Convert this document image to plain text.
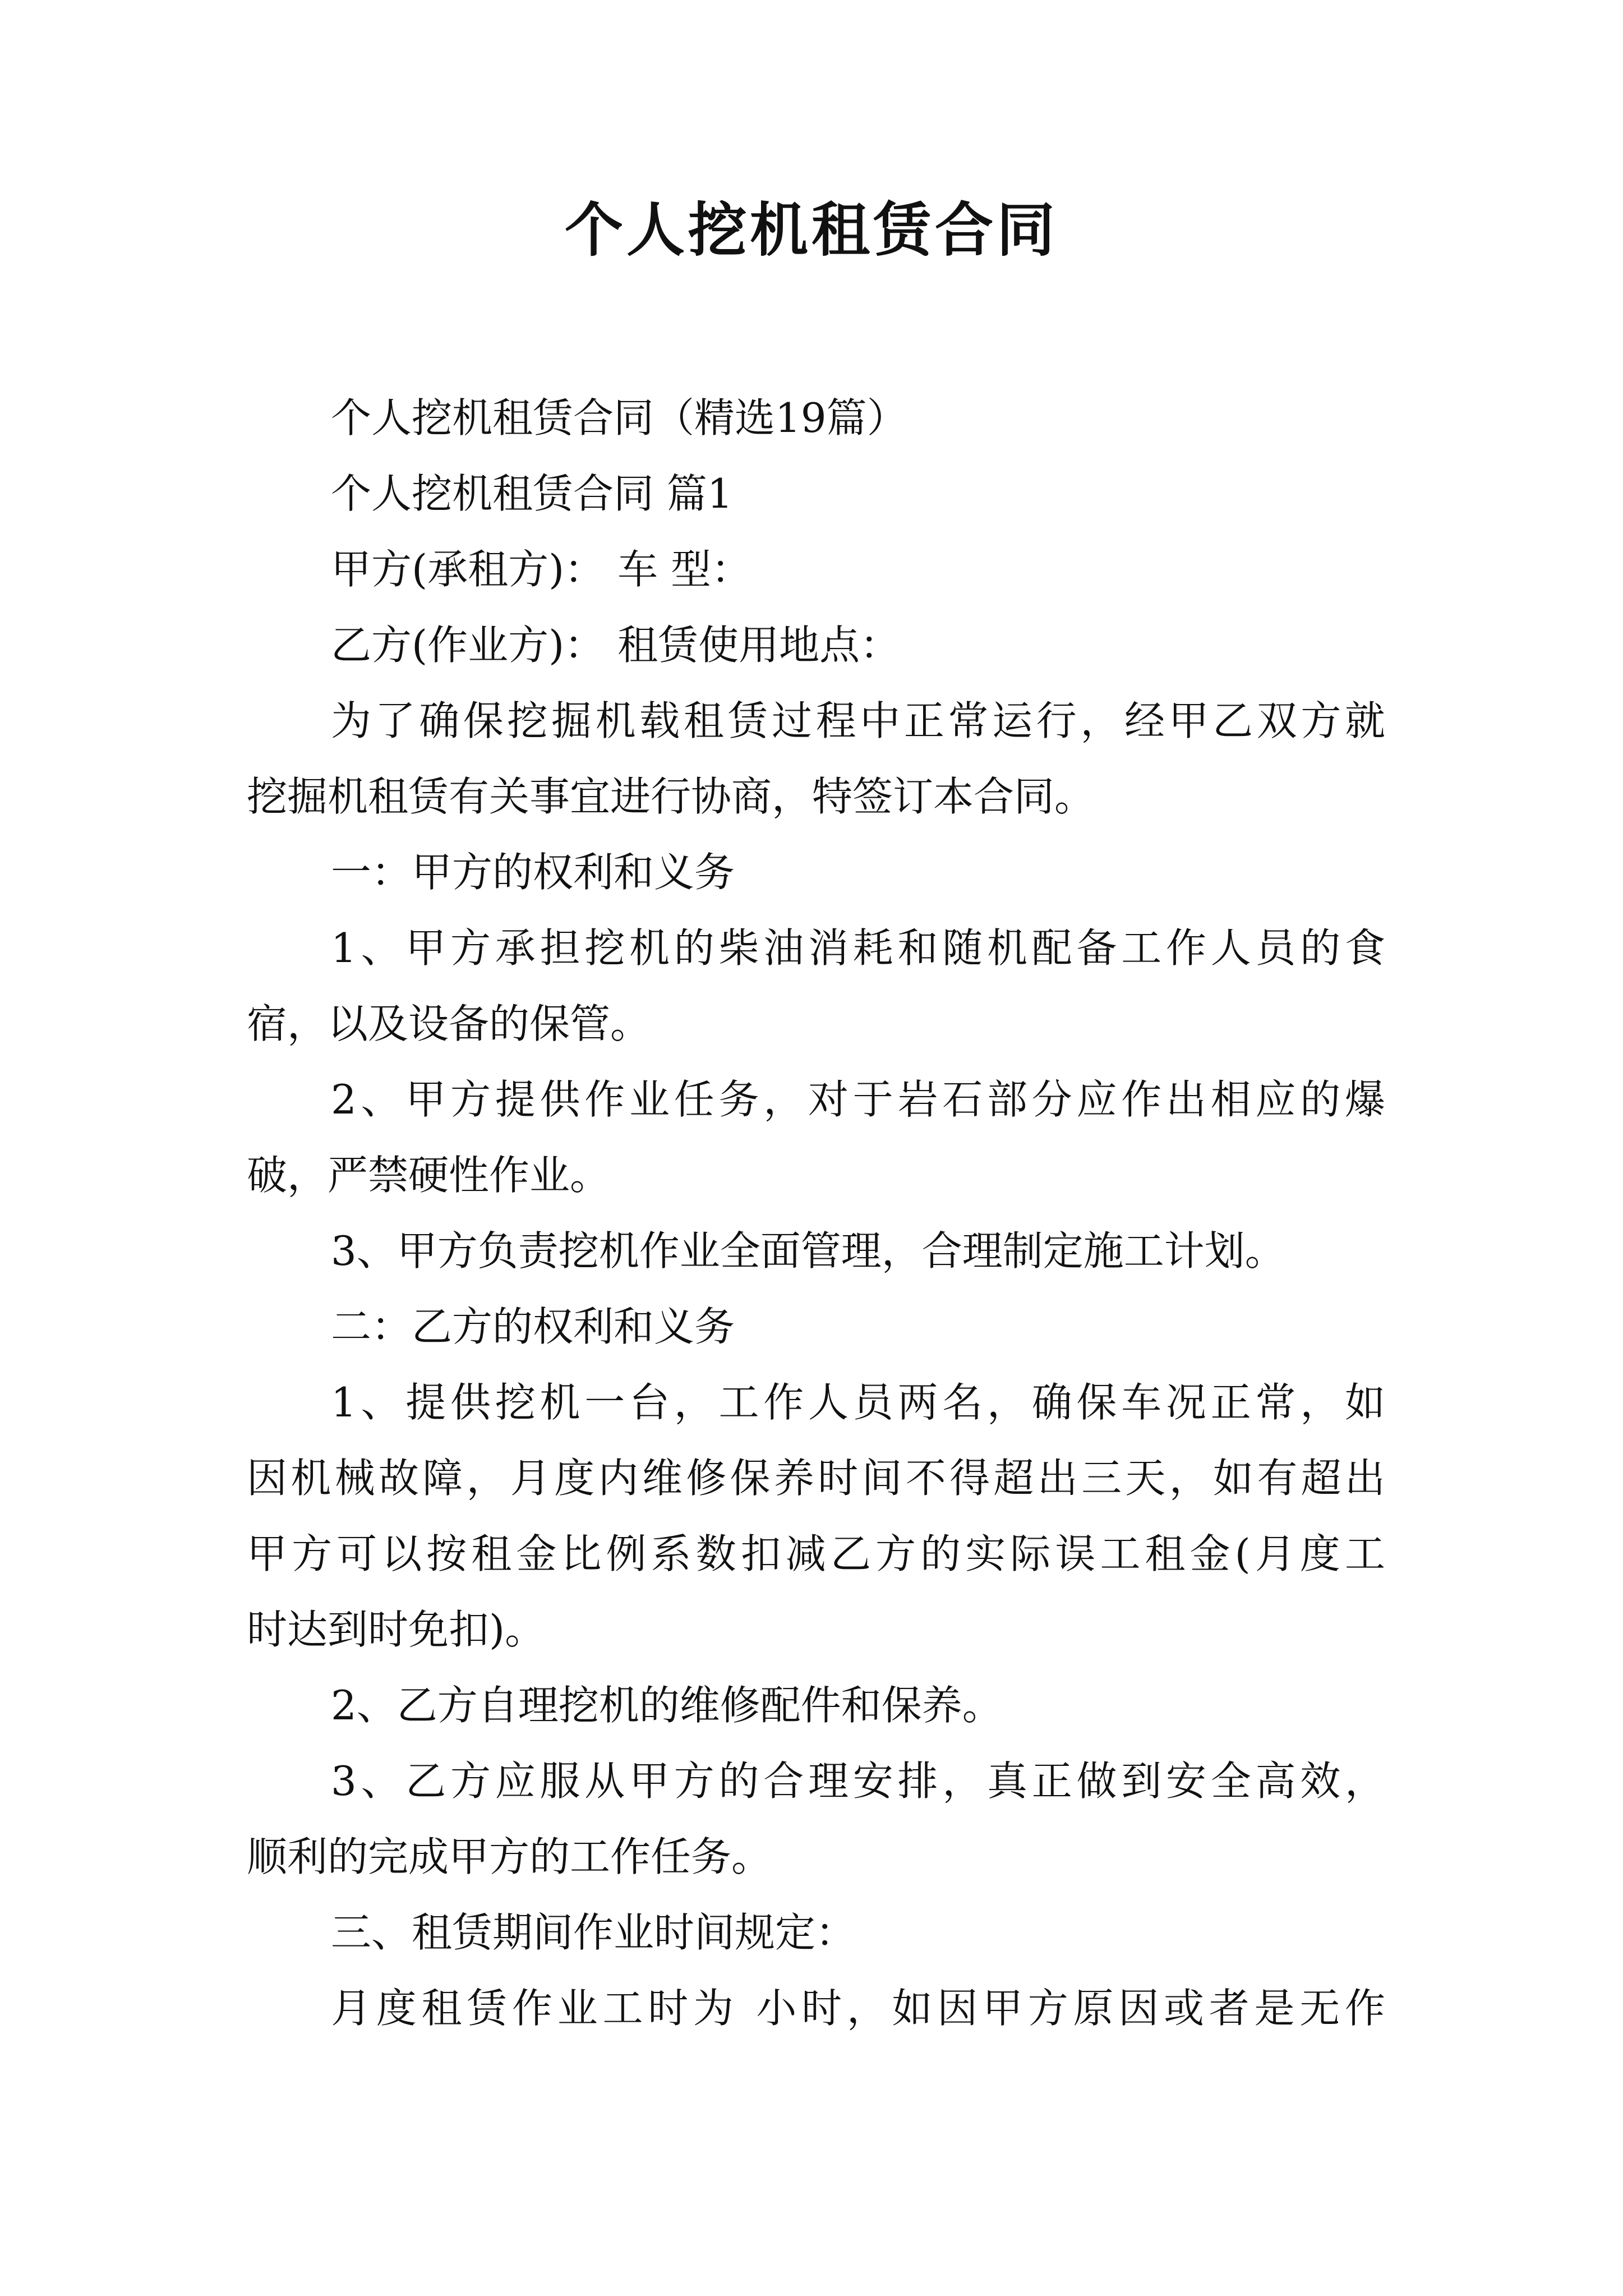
个人挖机租赁合同
个人挖机租赁合同（精选19篇）
个人挖机租赁合同 篇1
甲方(承租方)： 车 型：
乙方(作业方)： 租赁使用地点：
为了确保挖掘机载租赁过程中正常运行，经甲乙双方就
挖掘机租赁有关事宜进行协商，特签订本合同。
一：甲方的权利和义务
1、甲方承担挖机的柴油消耗和随机配备工作人员的食
宿，以及设备的保管。
2、甲方提供作业任务，对于岩石部分应作出相应的爆
破，严禁硬性作业。
3、甲方负责挖机作业全面管理，合理制定施工计划。
二：乙方的权利和义务
1、提供挖机一台，工作人员两名，确保车况正常，如
因机械故障，月度内维修保养时间不得超出三天，如有超出
甲方可以按租金比例系数扣减乙方的实际误工租金(月度工
时达到时免扣)。
2、乙方自理挖机的维修配件和保养。
3、乙方应服从甲方的合理安排，真正做到安全高效，
顺利的完成甲方的工作任务。
三、租赁期间作业时间规定：
月度租赁作业工时为 小时，如因甲方原因或者是无作
